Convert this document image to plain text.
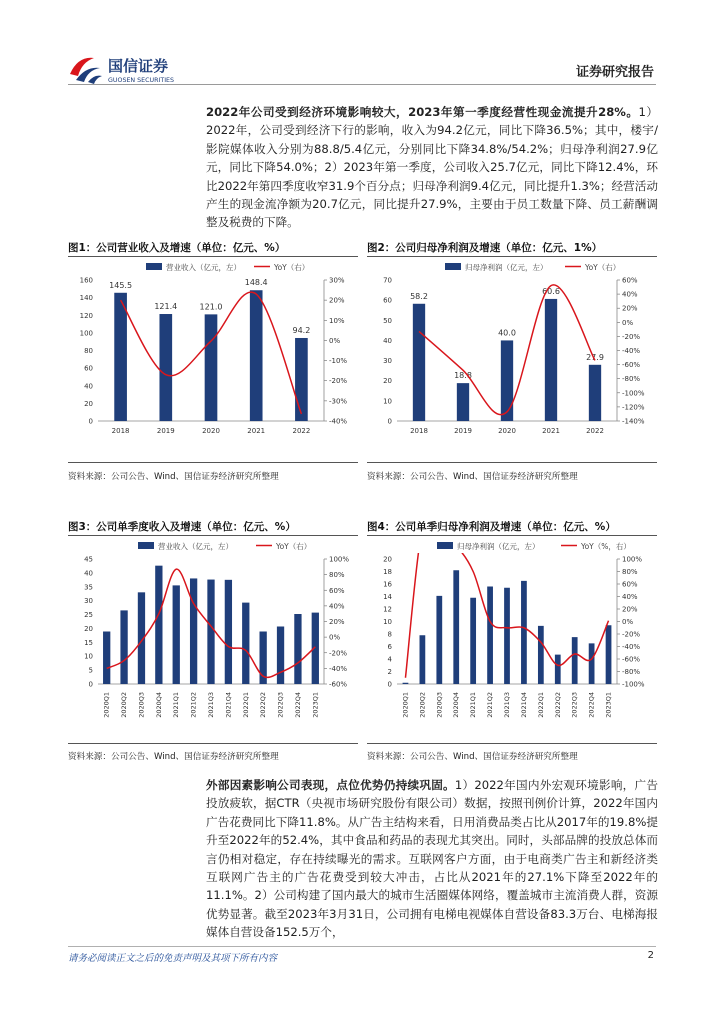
国信证券
GUOSEN SECURITIES
证券研究报告
2022年公司受到经济环境影响较大，2023年第一季度经营性现金流提升28%。1）2022年，公司受到经济下行的影响，收入为94.2亿元，同比下降36.5%；其中，楼宇/影院媒体收入分别为88.8/5.4亿元，分别同比下降34.8%/54.2%；归母净利润27.9亿元，同比下降54.0%；2）2023年第一季度，公司收入25.7亿元，同比下降12.4%，环比2022年第四季度收窄31.9个百分点；归母净利润9.4亿元，同比提升1.3%；经营活动产生的现金流净额为20.7亿元，同比提升27.9%，主要由于员工数量下降、员工薪酬调整及税费的下降。
图1：公司营业收入及增速（单位：亿元、%）	图2：公司归母净利润及增速（单位：亿元、1%）
营业收入（亿元，左）	YoY（右）
0
20
40
60
80
100
120
140
160	30%
20%
10%
0%
-10%
-20%
-30%
-40%
145.5
121.4	121.0
148.4
94.2
2018	2019	2020	2021	2022
归母净利润（亿元，左）	YoY（右）
0
10
20
30
40
50
60
70	60%
40%
20%
0%
-20%
-40%
-60%
-80%
-100%
-120%
-140%
58.2
18.8
40.0
60.6
27.9
2018	2019	2020	2021	2022
资料来源：公司公告、Wind、国信证券经济研究所整理	资料来源：公司公告、Wind、国信证券经济研究所整理
图3：公司单季度收入及增速（单位：亿元、%）	图4：公司单季归母净利润及增速（单位：亿元、%）
营业收入（亿元，左）	YoY（右）
0
5
10
15
20
25
30
35
40
45	100%
80%
60%
40%
20%
0%
-20%
-40%
-60%
2020Q1 2020Q2 2020Q3 2020Q4 2021Q1 2021Q2 2021Q3 2021Q4 2022Q1 2022Q2 2022Q3 2022Q4 2023Q1
归母净利润（亿元，左）	YoY（%，右）
0
2
4
6
8
10
12
14
16
18
20	100%
80%
60%
40%
20%
0%
-20%
-40%
-60%
-80%
-100%
2020Q1 2020Q2 2020Q3 2020Q4 2021Q1 2021Q2 2021Q3 2021Q4 2022Q1 2022Q2 2022Q3 2022Q4 2023Q1
资料来源：公司公告、Wind、国信证券经济研究所整理	资料来源：公司公告、Wind、国信证券经济研究所整理
外部因素影响公司表现，点位优势仍持续巩固。1）2022年国内外宏观环境影响，广告投放疲软，据CTR（央视市场研究股份有限公司）数据，按照刊例价计算，2022年国内广告花费同比下降11.8%。从广告主结构来看，日用消费品类占比从2017年的19.8%提升至2022年的52.4%，其中食品和药品的表现尤其突出。同时，头部品牌的投放总体而言仍相对稳定，存在持续曝光的需求。互联网客户方面，由于电商类广告主和新经济类互联网广告主的广告花费受到较大冲击，占比从2021年的27.1%下降至2022年的11.1%。2）公司构建了国内最大的城市生活圈媒体网络，覆盖城市主流消费人群，资源优势显著。截至2023年3月31日，公司拥有电梯电视媒体自营设备83.3万台、电梯海报媒体自营设备152.5万个，
请务必阅读正文之后的免责声明及其项下所有内容	2
